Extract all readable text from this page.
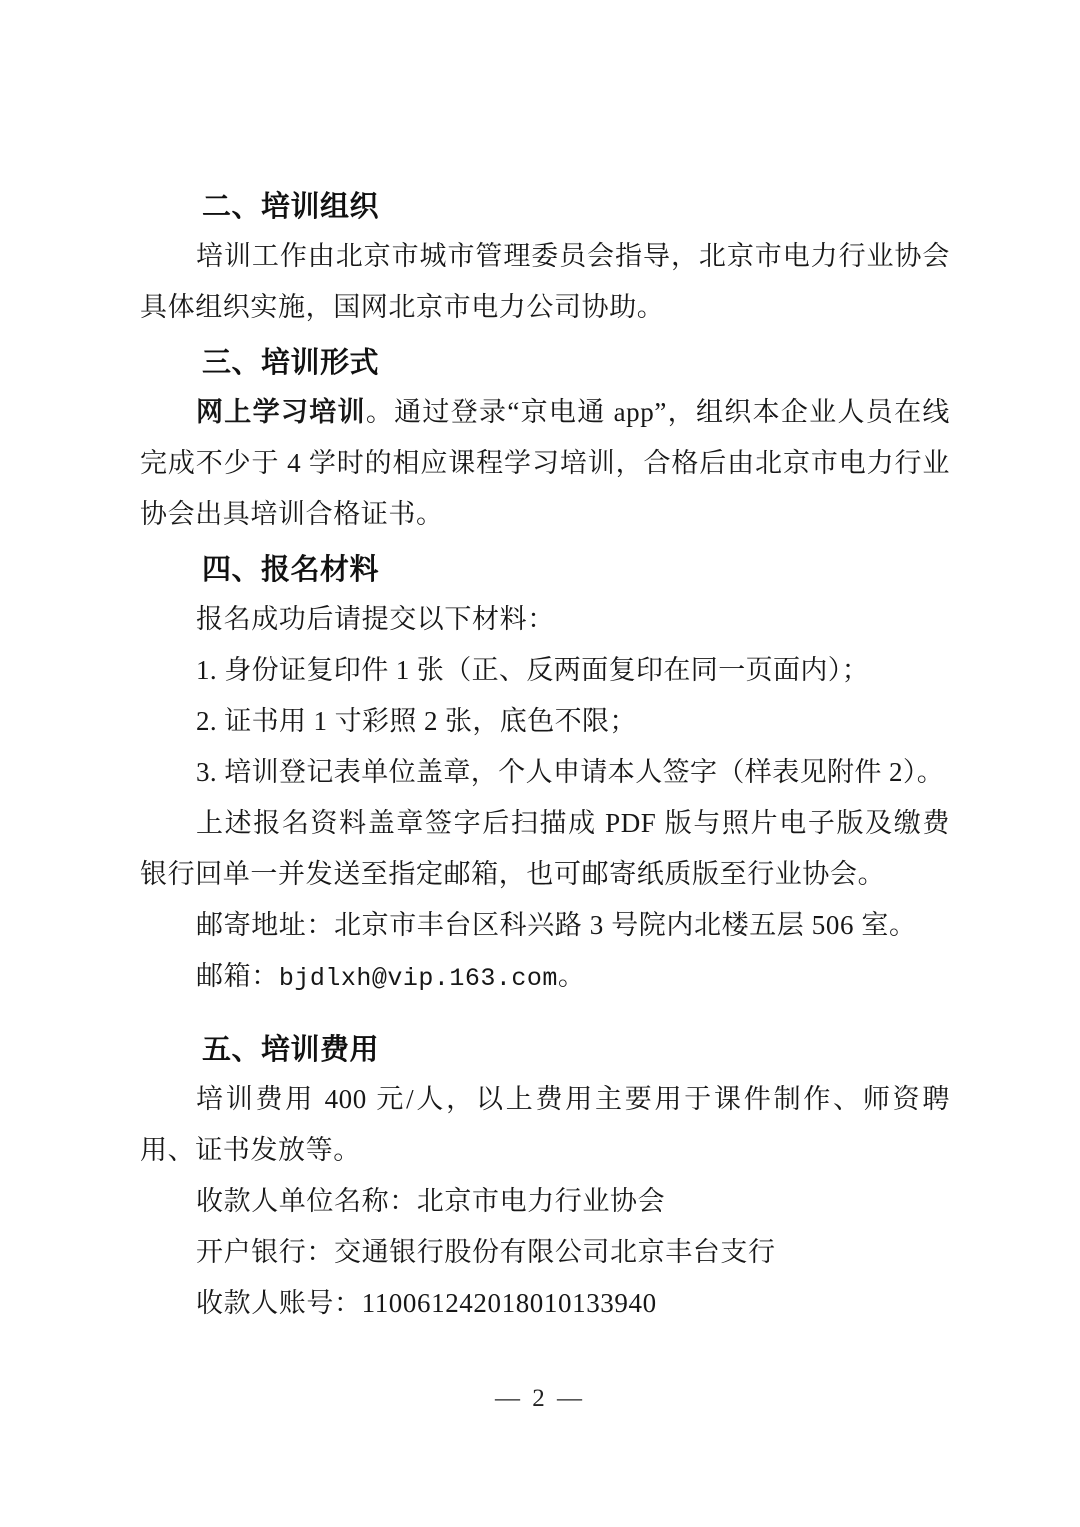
二、培训组织

培训工作由北京市城市管理委员会指导，北京市电力行业协会具体组织实施，国网北京市电力公司协助。

三、培训形式

网上学习培训。通过登录“京电通 app”，组织本企业人员在线完成不少于 4 学时的相应课程学习培训，合格后由北京市电力行业协会出具培训合格证书。

四、报名材料

报名成功后请提交以下材料：

1. 身份证复印件 1 张（正、反两面复印在同一页面内）；

2. 证书用 1 寸彩照 2 张，底色不限；

3. 培训登记表单位盖章，个人申请本人签字（样表见附件 2）。

上述报名资料盖章签字后扫描成 PDF 版与照片电子版及缴费银行回单一并发送至指定邮箱，也可邮寄纸质版至行业协会。

邮寄地址：北京市丰台区科兴路 3 号院内北楼五层 506 室。

邮箱：bjdlxh@vip.163.com。

五、培训费用

培训费用 400 元/人，以上费用主要用于课件制作、师资聘用、证书发放等。

收款人单位名称：北京市电力行业协会

开户银行：交通银行股份有限公司北京丰台支行

收款人账号：110061242018010133940

— 2 —
